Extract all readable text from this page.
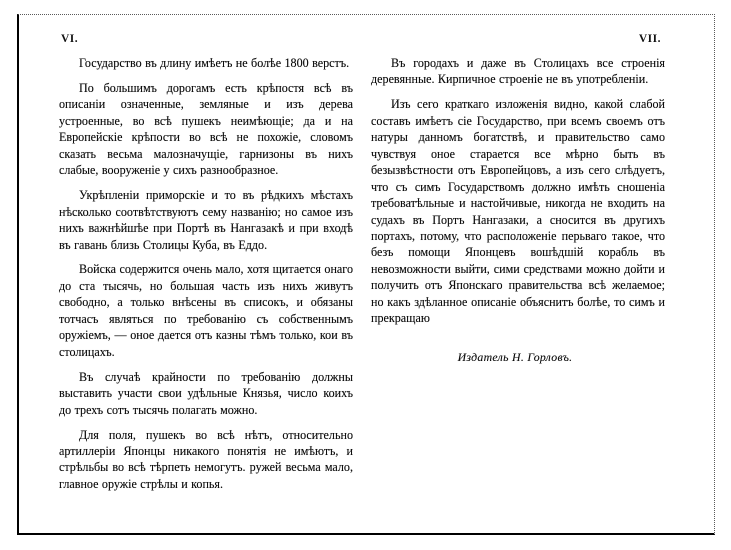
VI.

Государство въ длину имѣетъ не болѣе 1800 верстъ.

По большимъ дорогамъ есть крѣпостя всѣ въ описаніи означенные, земляные и изъ дерева устроенные, во всѣ пушекъ неимѣющіе; да и на Европейскіе крѣпости во всѣ не похожіе, словомъ сказать весьма малозначущіе, гарнизоны въ нихъ слабые, вооруженіе у сихъ разнообразное.

Укрѣпленіи приморскіе и то въ рѣдкихъ мѣстахъ нѣсколько соотвѣтствуютъ сему названію; но самое изъ нихъ важнѣйшѣе при Портѣ въ Нангазакѣ и при входѣ въ гавань близь Столицы Куба, въ Еддо.

Войска содержится очень мало, хотя щитается онаго до ста тысячь, но большая часть изъ нихъ живутъ свободно, а только внѣсены въ списокъ, и обязаны тотчасъ являться по требованію съ собственнымъ оружіемъ, — оное дается отъ казны тѣмъ только, кои въ столицахъ.

Въ случаѣ крайности по требованію должны выставить участи свои удѣльные Князья, число коихъ до трехъ сотъ тысячь полагать можно.

Для поля, пушекъ во всѣ нѣтъ, относительно артиллеріи Японцы никакого понятія не имѣютъ, и стрѣльбы во всѣ тѣрпеть немогутъ. ружей весьма мало, главное оружіе стрѣлы и копья.

VII.

Въ городахъ и даже въ Столицахъ все строенія деревянные. Кирпичное строеніе не въ употребленіи.

Изъ сего краткаго изложенія видно, какой слабой составъ имѣетъ сіе Государство, при всемъ своемъ отъ натуры данномъ богатствѣ, и правительство само чувствуя оное старается все мѣрно быть въ безызвѣстности отъ Европейцовъ, а изъ сего слѣдуетъ, что съ симъ Государствомъ должно имѣть сношеніа требоватѣльные и настойчивые, никогда не входить на судахъ въ Портъ Нангазаки, а сносится въ другихъ портахъ, потому, что расположеніе перьваго такое, что безъ помощи Японцевъ вошѣдшій корабль въ невозможности выйти, сими средствами можно дойти и получить отъ Японскаго правительства всѣ желаемое; но какъ здѣланное описаніе объяснитъ болѣе, то симъ и прекращаю

Издатель Н. Горловъ.
